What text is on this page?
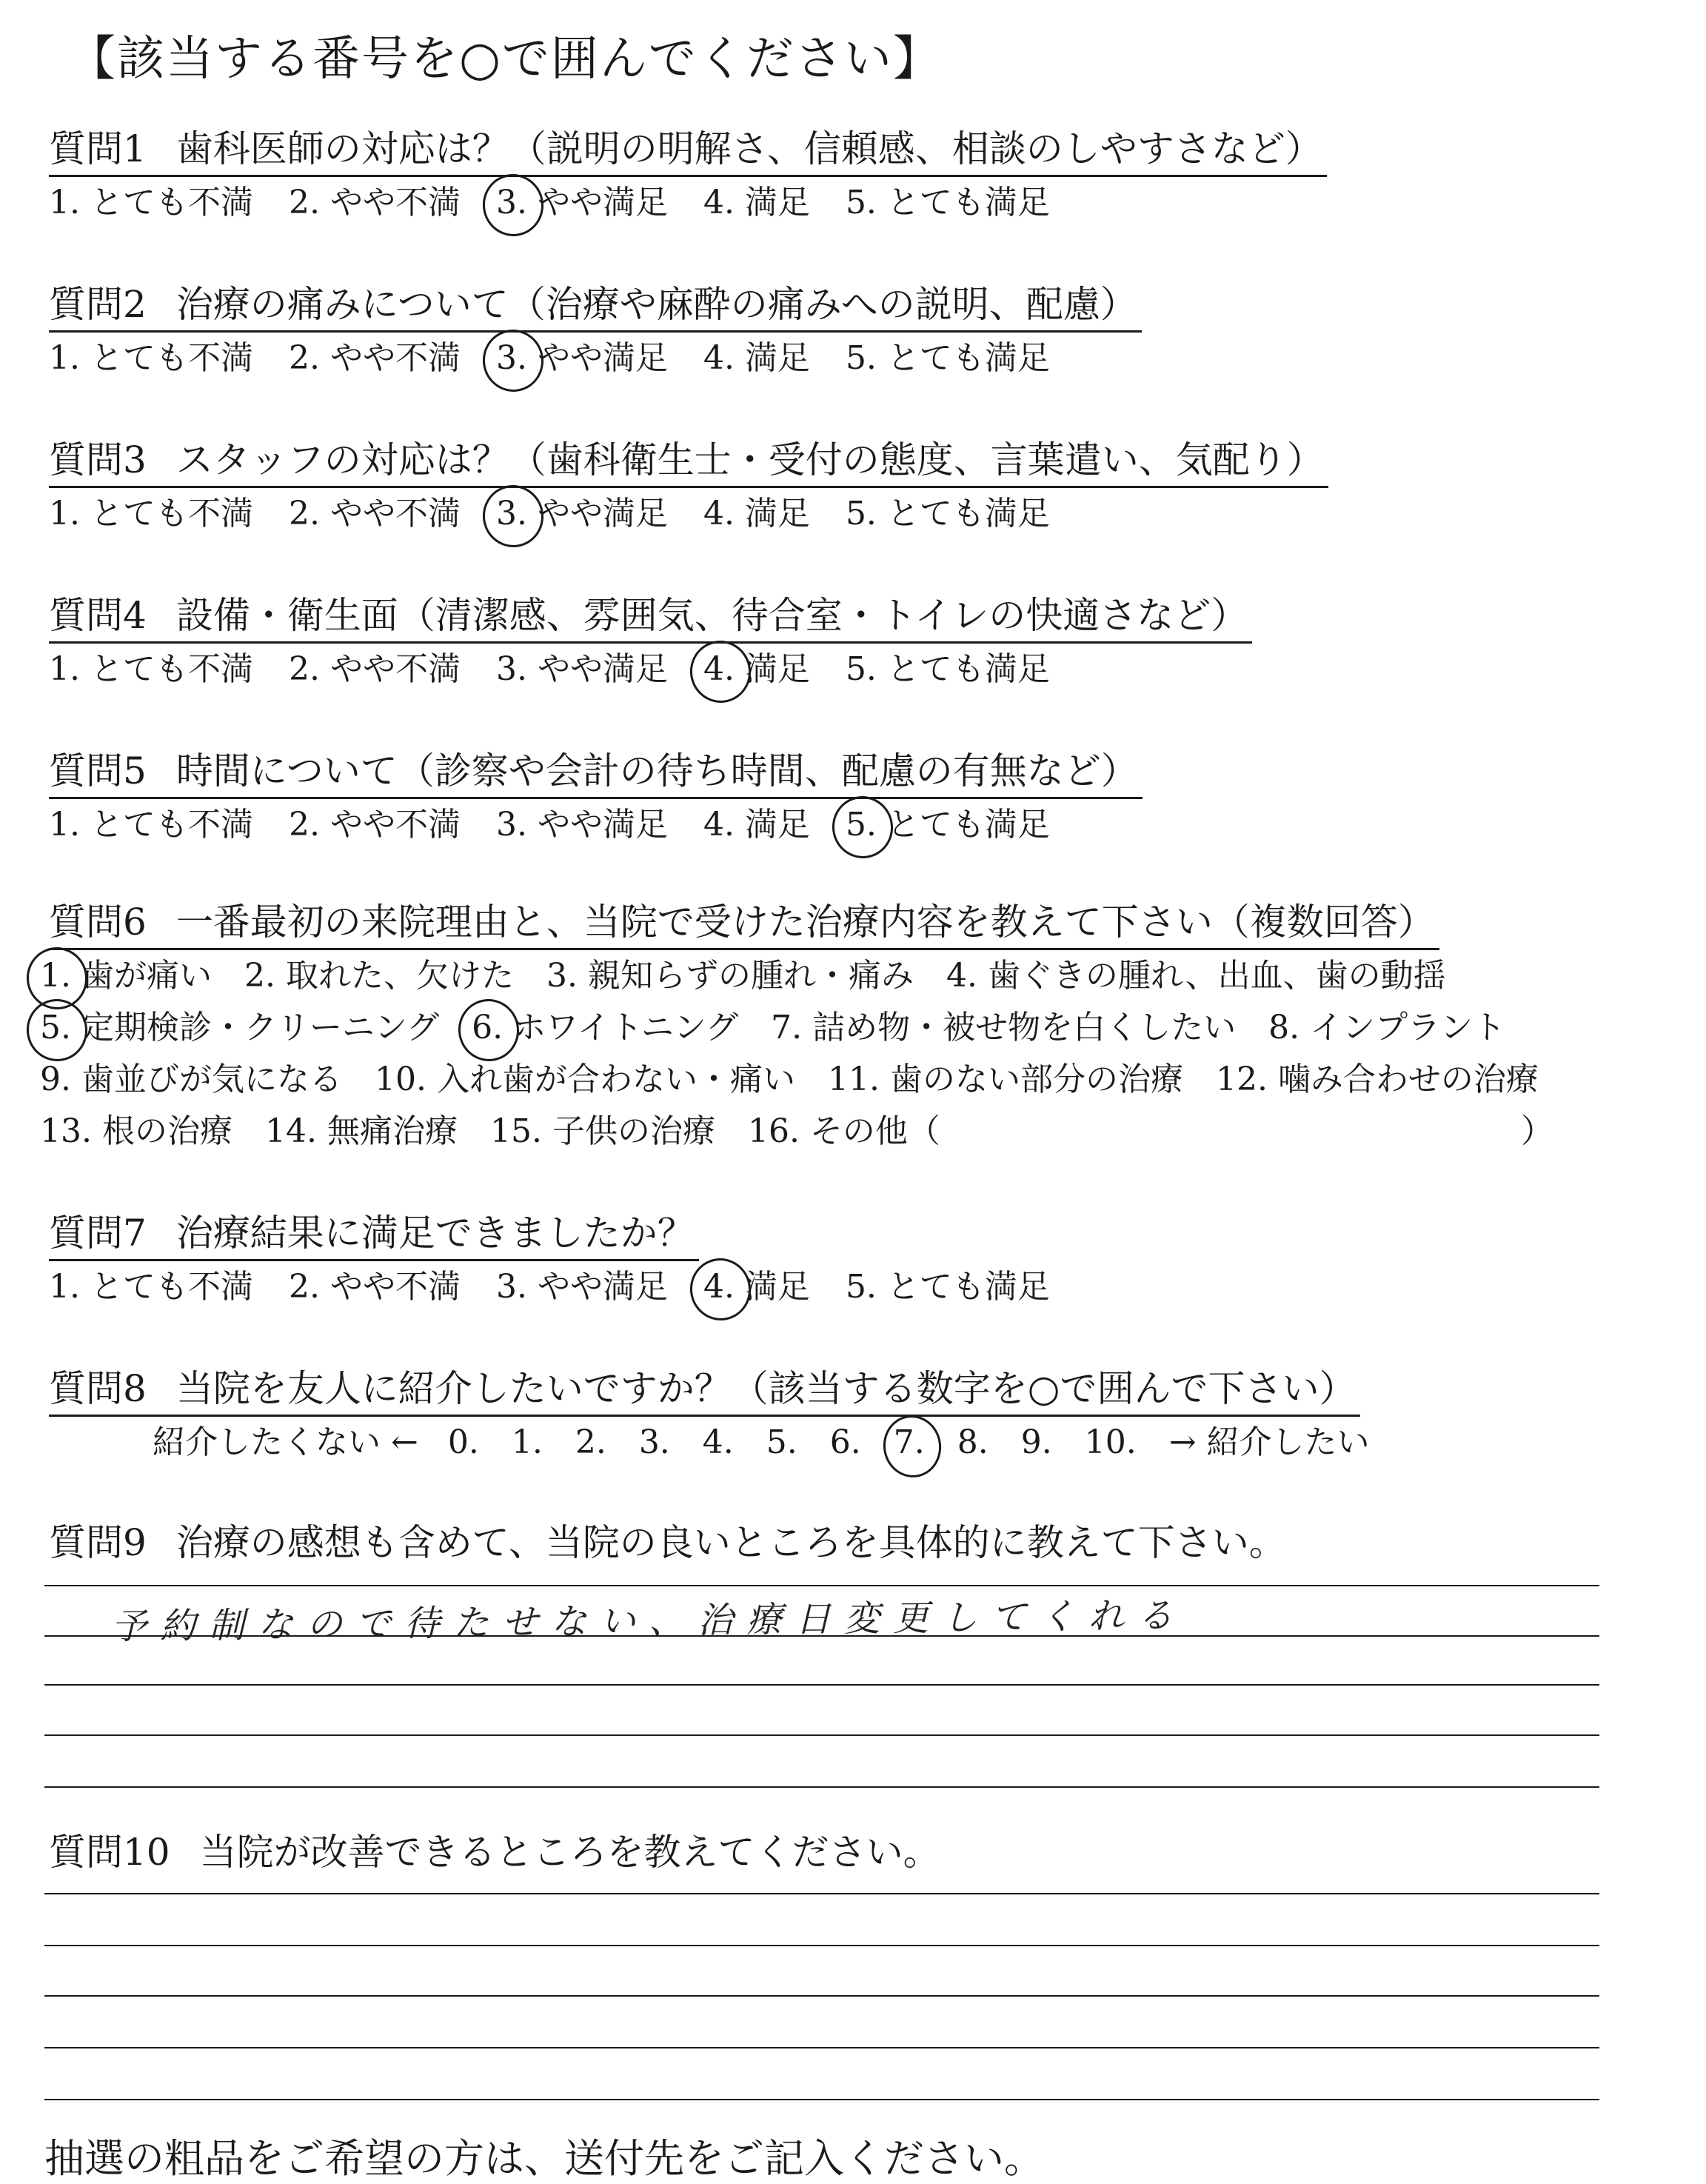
【該当する番号を○で囲んでください】
質問1 歯科医師の対応は？（説明の明解さ、信頼感、相談のしやすさなど）
1. とても不満 2. やや不満 3. やや満足 4. 満足 5. とても満足
質問2 治療の痛みについて（治療や麻酔の痛みへの説明、配慮）
1. とても不満 2. やや不満 3. やや満足 4. 満足 5. とても満足
質問3 スタッフの対応は？（歯科衛生士・受付の態度、言葉遣い、気配り）
1. とても不満 2. やや不満 3. やや満足 4. 満足 5. とても満足
質問4 設備・衛生面（清潔感、雰囲気、待合室・トイレの快適さなど）
1. とても不満 2. やや不満 3. やや満足 4. 満足 5. とても満足
質問5 時間について（診察や会計の待ち時間、配慮の有無など）
1. とても不満 2. やや不満 3. やや満足 4. 満足 5. とても満足
質問6 一番最初の来院理由と、当院で受けた治療内容を教えて下さい（複数回答）
1. 歯が痛い 2. 取れた、欠けた 3. 親知らずの腫れ・痛み 4. 歯ぐきの腫れ、出血、歯の動揺
5. 定期検診・クリーニング 6. ホワイトニング 7. 詰め物・被せ物を白くしたい 8. インプラント
9. 歯並びが気になる 10. 入れ歯が合わない・痛い 11. 歯のない部分の治療 12. 噛み合わせの治療
13. 根の治療 14. 無痛治療 15. 子供の治療 16. その他（	）
質問7 治療結果に満足できましたか？
1. とても不満 2. やや不満 3. やや満足 4. 満足 5. とても満足
質問8 当院を友人に紹介したいですか？（該当する数字を○で囲んで下さい）
紹介したくない ← 0. 1. 2. 3. 4. 5. 6. 7. 8. 9. 10. → 紹介したい
質問9 治療の感想も含めて、当院の良いところを具体的に教えて下さい。
予約制なので待たせない、治療日変更してくれる
質問10 当院が改善できるところを教えてください。
抽選の粗品をご希望の方は、送付先をご記入ください。
